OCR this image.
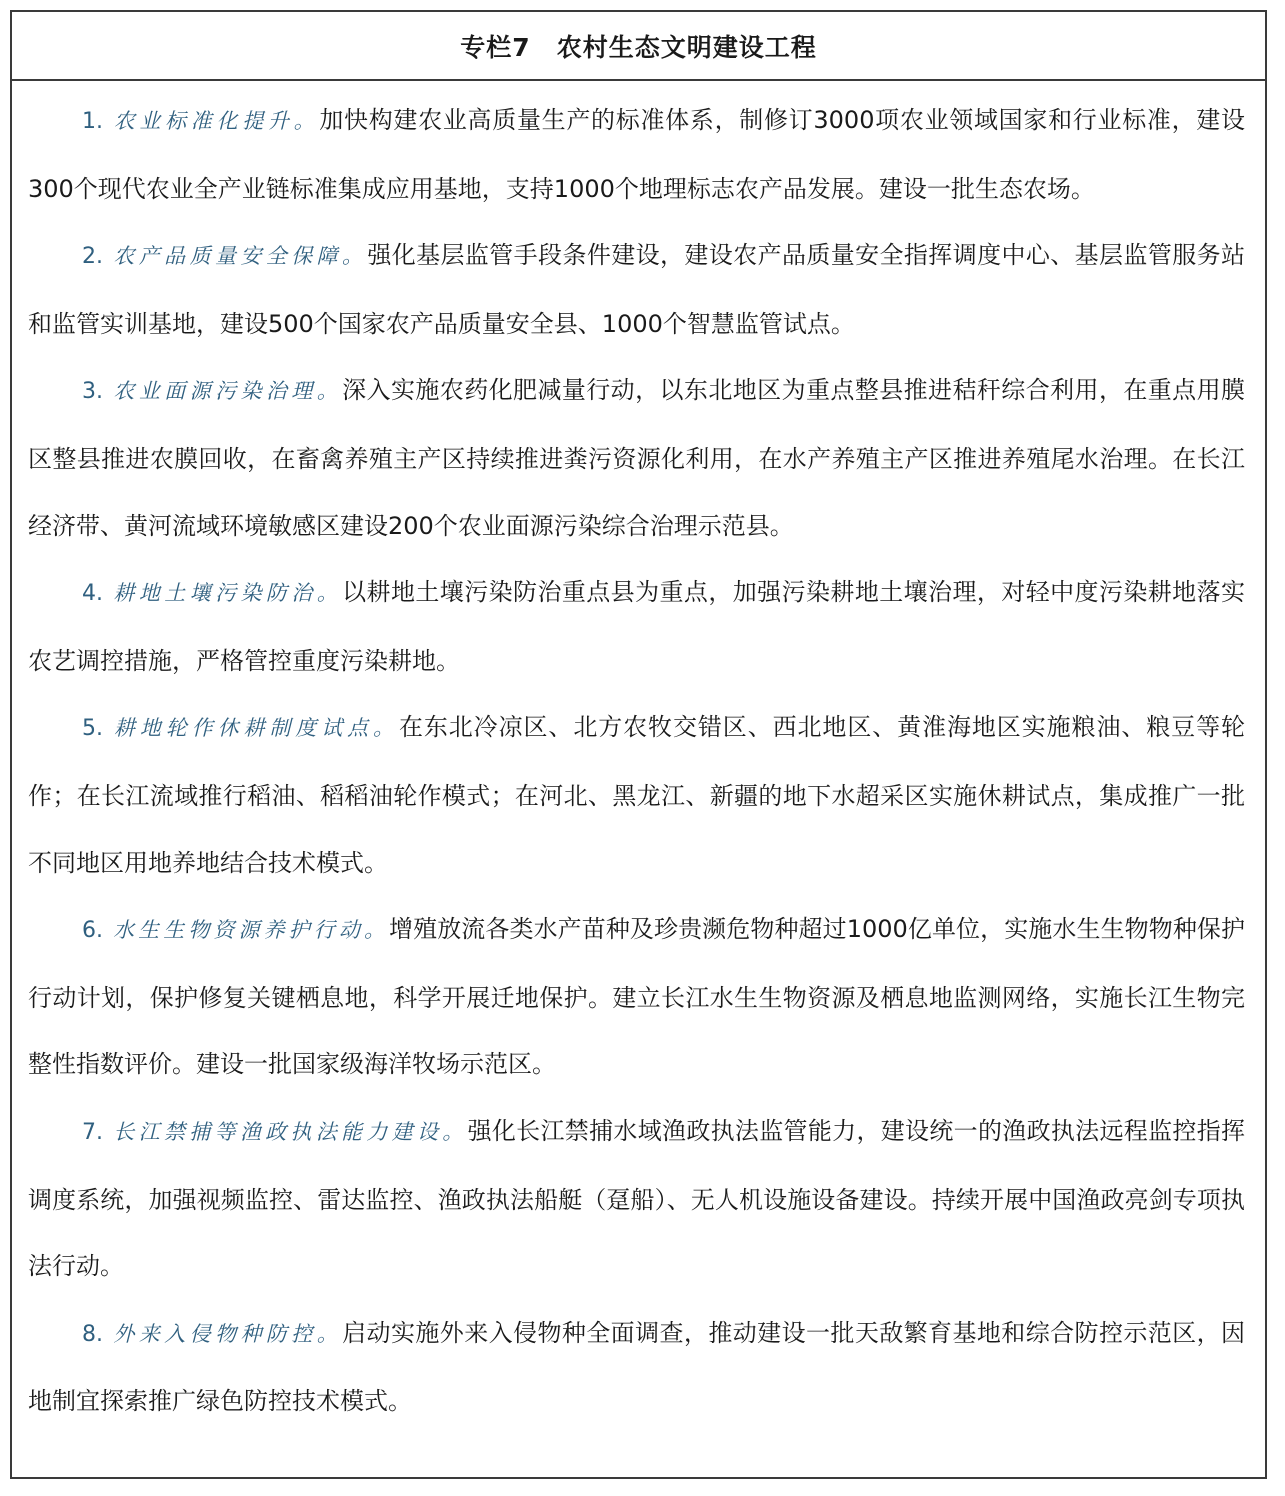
专栏7 农村生态文明建设工程

1. 农业标准化提升。加快构建农业高质量生产的标准体系，制修订3000项农业领域国家和行业标准，建设300个现代农业全产业链标准集成应用基地，支持1000个地理标志农产品发展。建设一批生态农场。

2. 农产品质量安全保障。强化基层监管手段条件建设，建设农产品质量安全指挥调度中心、基层监管服务站和监管实训基地，建设500个国家农产品质量安全县、1000个智慧监管试点。

3. 农业面源污染治理。深入实施农药化肥减量行动，以东北地区为重点整县推进秸秆综合利用，在重点用膜区整县推进农膜回收，在畜禽养殖主产区持续推进粪污资源化利用，在水产养殖主产区推进养殖尾水治理。在长江经济带、黄河流域环境敏感区建设200个农业面源污染综合治理示范县。

4. 耕地土壤污染防治。以耕地土壤污染防治重点县为重点，加强污染耕地土壤治理，对轻中度污染耕地落实农艺调控措施，严格管控重度污染耕地。

5. 耕地轮作休耕制度试点。在东北冷凉区、北方农牧交错区、西北地区、黄淮海地区实施粮油、粮豆等轮作；在长江流域推行稻油、稻稻油轮作模式；在河北、黑龙江、新疆的地下水超采区实施休耕试点，集成推广一批不同地区用地养地结合技术模式。

6. 水生生物资源养护行动。增殖放流各类水产苗种及珍贵濒危物种超过1000亿单位，实施水生生物物种保护行动计划，保护修复关键栖息地，科学开展迁地保护。建立长江水生生物资源及栖息地监测网络，实施长江生物完整性指数评价。建设一批国家级海洋牧场示范区。

7. 长江禁捕等渔政执法能力建设。强化长江禁捕水域渔政执法监管能力，建设统一的渔政执法远程监控指挥调度系统，加强视频监控、雷达监控、渔政执法船艇（趸船）、无人机设施设备建设。持续开展中国渔政亮剑专项执法行动。

8. 外来入侵物种防控。启动实施外来入侵物种全面调查，推动建设一批天敌繁育基地和综合防控示范区，因地制宜探索推广绿色防控技术模式。
